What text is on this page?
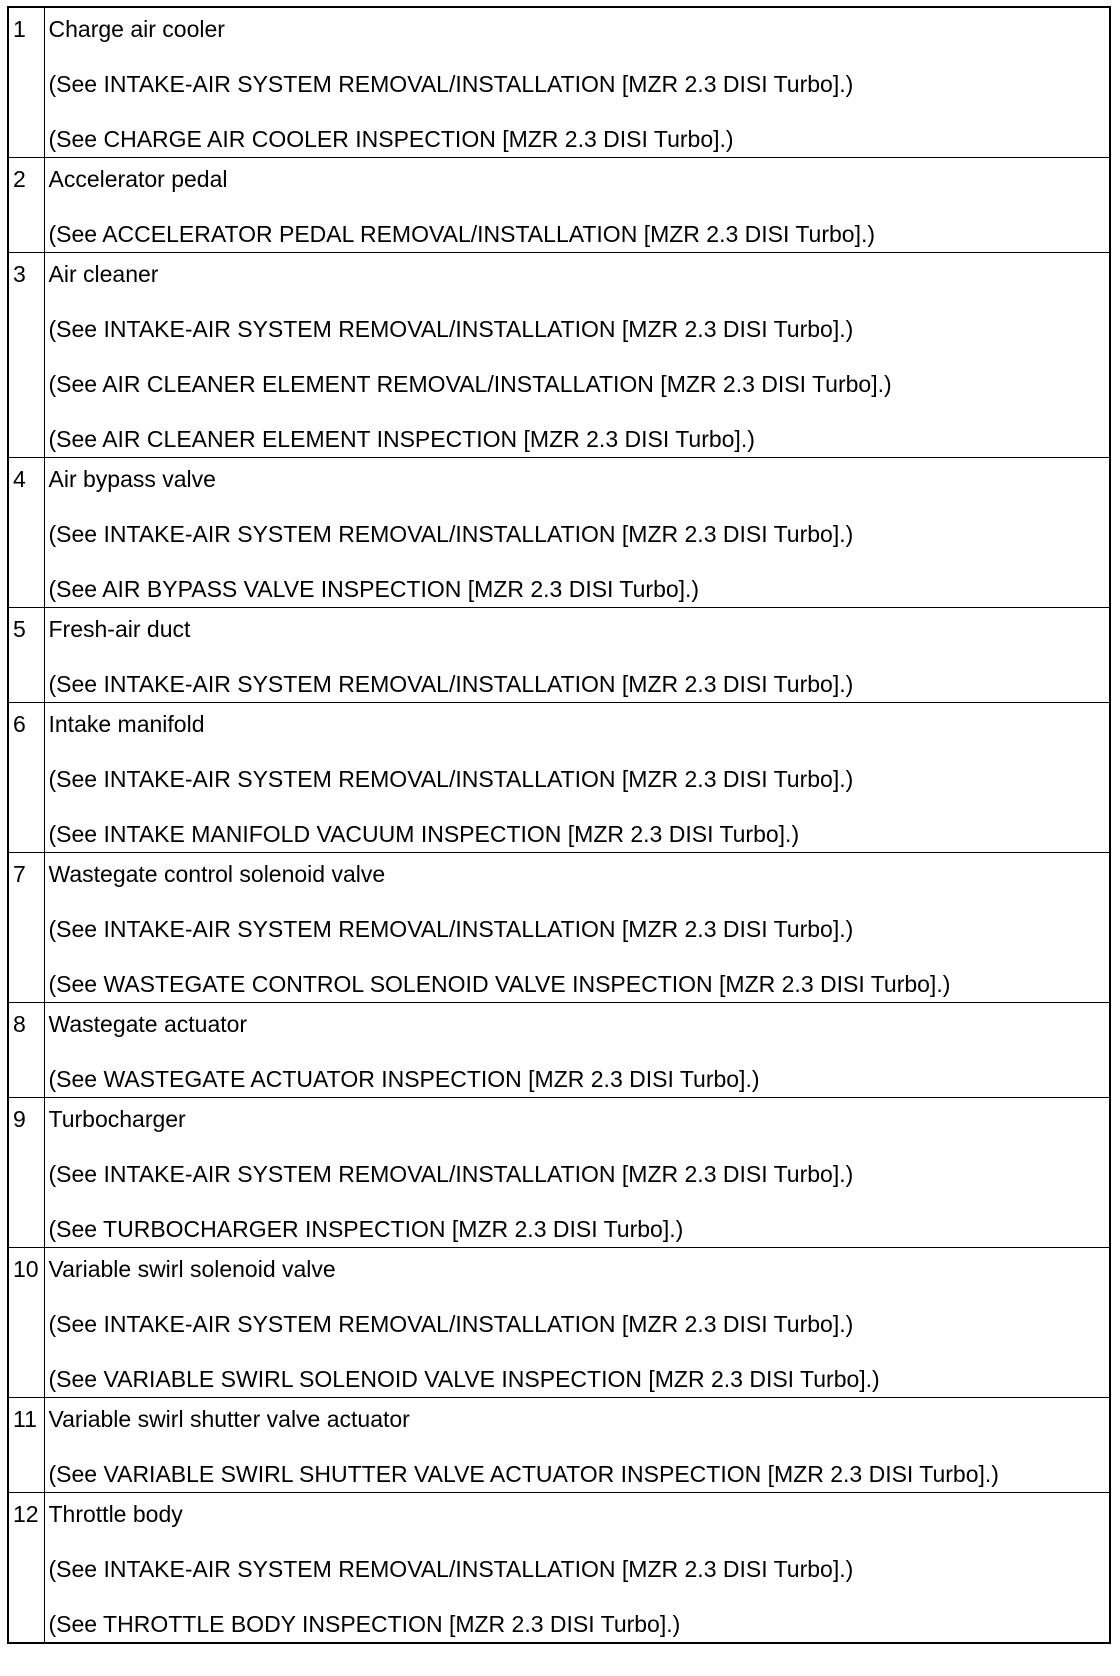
1	Charge air cooler
(See INTAKE-AIR SYSTEM REMOVAL/INSTALLATION [MZR 2.3 DISI Turbo].)
(See CHARGE AIR COOLER INSPECTION [MZR 2.3 DISI Turbo].)

2	Accelerator pedal
(See ACCELERATOR PEDAL REMOVAL/INSTALLATION [MZR 2.3 DISI Turbo].)

3	Air cleaner
(See INTAKE-AIR SYSTEM REMOVAL/INSTALLATION [MZR 2.3 DISI Turbo].)
(See AIR CLEANER ELEMENT REMOVAL/INSTALLATION [MZR 2.3 DISI Turbo].)
(See AIR CLEANER ELEMENT INSPECTION [MZR 2.3 DISI Turbo].)

4	Air bypass valve
(See INTAKE-AIR SYSTEM REMOVAL/INSTALLATION [MZR 2.3 DISI Turbo].)
(See AIR BYPASS VALVE INSPECTION [MZR 2.3 DISI Turbo].)

5	Fresh-air duct
(See INTAKE-AIR SYSTEM REMOVAL/INSTALLATION [MZR 2.3 DISI Turbo].)

6	Intake manifold
(See INTAKE-AIR SYSTEM REMOVAL/INSTALLATION [MZR 2.3 DISI Turbo].)
(See INTAKE MANIFOLD VACUUM INSPECTION [MZR 2.3 DISI Turbo].)

7	Wastegate control solenoid valve
(See INTAKE-AIR SYSTEM REMOVAL/INSTALLATION [MZR 2.3 DISI Turbo].)
(See WASTEGATE CONTROL SOLENOID VALVE INSPECTION [MZR 2.3 DISI Turbo].)

8	Wastegate actuator
(See WASTEGATE ACTUATOR INSPECTION [MZR 2.3 DISI Turbo].)

9	Turbocharger
(See INTAKE-AIR SYSTEM REMOVAL/INSTALLATION [MZR 2.3 DISI Turbo].)
(See TURBOCHARGER INSPECTION [MZR 2.3 DISI Turbo].)

10	Variable swirl solenoid valve
(See INTAKE-AIR SYSTEM REMOVAL/INSTALLATION [MZR 2.3 DISI Turbo].)
(See VARIABLE SWIRL SOLENOID VALVE INSPECTION [MZR 2.3 DISI Turbo].)

11	Variable swirl shutter valve actuator
(See VARIABLE SWIRL SHUTTER VALVE ACTUATOR INSPECTION [MZR 2.3 DISI Turbo].)

12	Throttle body
(See INTAKE-AIR SYSTEM REMOVAL/INSTALLATION [MZR 2.3 DISI Turbo].)
(See THROTTLE BODY INSPECTION [MZR 2.3 DISI Turbo].)
